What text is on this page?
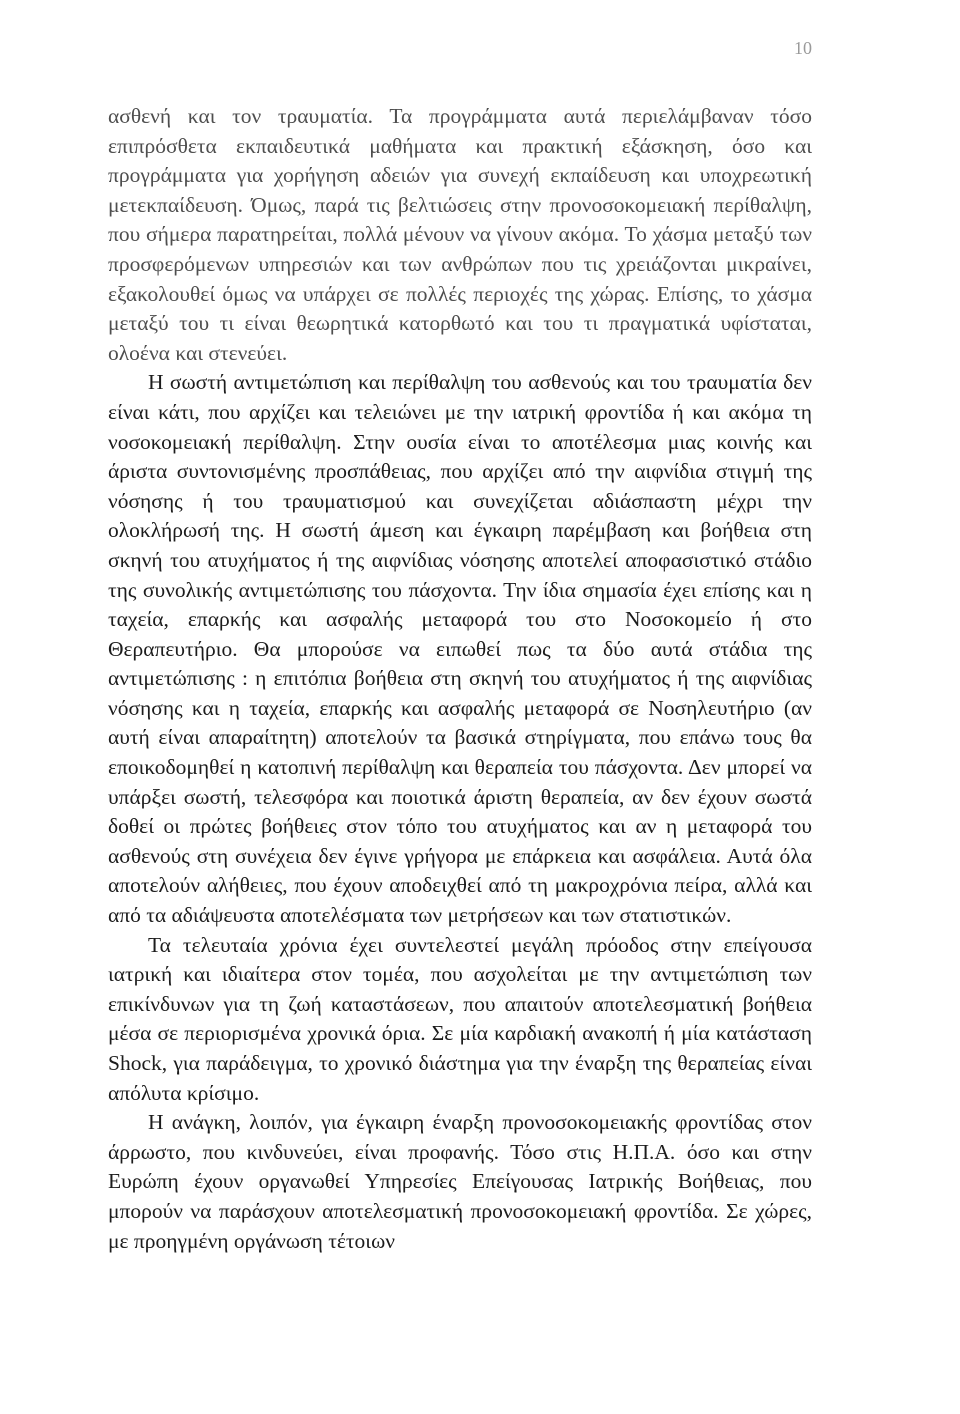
10

ασθενή και τον τραυματία. Τα προγράμματα αυτά περιελάμβαναν τόσο επιπρόσθετα εκπαιδευτικά μαθήματα και πρακτική εξάσκηση, όσο και προγράμματα για χορήγηση αδειών για συνεχή εκπαίδευση και υποχρεωτική μετεκπαίδευση. Όμως, παρά τις βελτιώσεις στην προνοσοκομειακή περίθαλψη, που σήμερα παρατηρείται, πολλά μένουν να γίνουν ακόμα. Το χάσμα μεταξύ των προσφερόμενων υπηρεσιών και των ανθρώπων που τις χρειάζονται μικραίνει, εξακολουθεί όμως να υπάρχει σε πολλές περιοχές της χώρας. Επίσης, το χάσμα μεταξύ του τι είναι θεωρητικά κατορθωτό και του τι πραγματικά υφίσταται, ολοένα και στενεύει.

Η σωστή αντιμετώπιση και περίθαλψη του ασθενούς και του τραυματία δεν είναι κάτι, που αρχίζει και τελειώνει με την ιατρική φροντίδα ή και ακόμα τη νοσοκομειακή περίθαλψη. Στην ουσία είναι το αποτέλεσμα μιας κοινής και άριστα συντονισμένης προσπάθειας, που αρχίζει από την αιφνίδια στιγμή της νόσησης ή του τραυματισμού και συνεχίζεται αδιάσπαστη μέχρι την ολοκλήρωσή της. Η σωστή άμεση και έγκαιρη παρέμβαση και βοήθεια στη σκηνή του ατυχήματος ή της αιφνίδιας νόσησης αποτελεί αποφασιστικό στάδιο της συνολικής αντιμετώπισης του πάσχοντα. Την ίδια σημασία έχει επίσης και η ταχεία, επαρκής και ασφαλής μεταφορά του στο Νοσοκομείο ή στο Θεραπευτήριο. Θα μπορούσε να ειπωθεί πως τα δύο αυτά στάδια της αντιμετώπισης : η επιτόπια βοήθεια στη σκηνή του ατυχήματος ή της αιφνίδιας νόσησης και η ταχεία, επαρκής και ασφαλής μεταφορά σε Νοσηλευτήριο (αν αυτή είναι απαραίτητη) αποτελούν τα βασικά στηρίγματα, που επάνω τους θα εποικοδομηθεί η κατοπινή περίθαλψη και θεραπεία του πάσχοντα. Δεν μπορεί να υπάρξει σωστή, τελεσφόρα και ποιοτικά άριστη θεραπεία, αν δεν έχουν σωστά δοθεί οι πρώτες βοήθειες στον τόπο του ατυχήματος και αν η μεταφορά του ασθενούς στη συνέχεια δεν έγινε γρήγορα με επάρκεια και ασφάλεια. Αυτά όλα αποτελούν αλήθειες, που έχουν αποδειχθεί από τη μακροχρόνια πείρα, αλλά και από τα αδιάψευστα αποτελέσματα των μετρήσεων και των στατιστικών.

Τα τελευταία χρόνια έχει συντελεστεί μεγάλη πρόοδος στην επείγουσα ιατρική και ιδιαίτερα στον τομέα, που ασχολείται με την αντιμετώπιση των επικίνδυνων για τη ζωή καταστάσεων, που απαιτούν αποτελεσματική βοήθεια μέσα σε περιορισμένα χρονικά όρια. Σε μία καρδιακή ανακοπή ή μία κατάσταση Shock, για παράδειγμα, το χρονικό διάστημα για την έναρξη της θεραπείας είναι απόλυτα κρίσιμο.

Η ανάγκη, λοιπόν, για έγκαιρη έναρξη προνοσοκομειακής φροντίδας στον άρρωστο, που κινδυνεύει, είναι προφανής. Τόσο στις Η.Π.Α. όσο και στην Ευρώπη έχουν οργανωθεί Υπηρεσίες Επείγουσας Ιατρικής Βοήθειας, που μπορούν να παράσχουν αποτελεσματική προνοσοκομειακή φροντίδα. Σε χώρες, με προηγμένη οργάνωση τέτοιων
